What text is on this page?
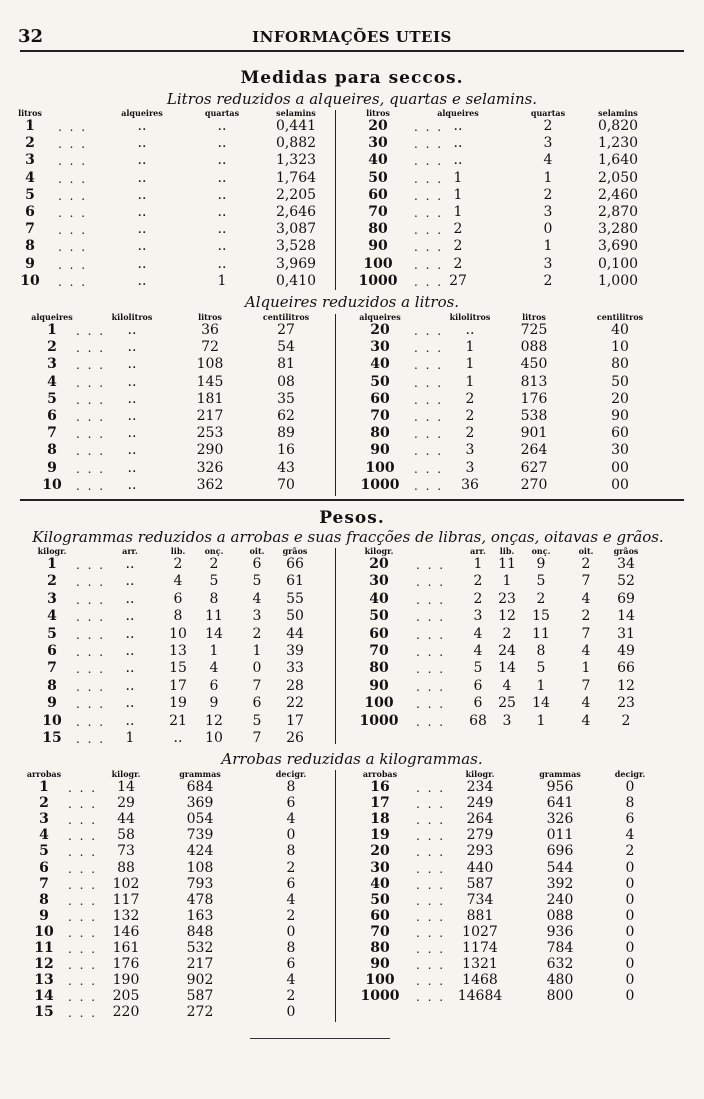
32	INFORMAÇÕES UTEIS
Medidas para seccos.
Litros reduzidos a alqueires, quartas e selamins.
litros	alqueires	quartas	selamins	litros	alqueires	quartas	selamins
1	..	..	0,441
. . .
2	..	..	0,882
. . .
3	..	..	1,323
. . .
4	..	..	1,764
. . .
5	..	..	2,205
. . .
6	..	..	2,646
. . .
7	..	..	3,087
. . .
8	..	..	3,528
. . .
9	..	..	3,969
. . .
10	..	1	0,410
. . .
20	..	2	0,820
. . .
30	..	3	1,230
. . .
40	..	4	1,640
. . .
50	1	1	2,050
. . .
60	1	2	2,460
. . .
70	1	3	2,870
. . .
80	2	0	3,280
. . .
90	2	1	3,690
. . .
100	2	3	0,100
. . .
1000	27	2	1,000
. . .
Alqueires reduzidos a litros.
alqueires	kilolitros	litros	centilitros	alqueires	kilolitros	litros	centilitros
1	..	36	27
. . .
2	..	72	54
. . .
3	..	108	81
. . .
4	..	145	08
. . .
5	..	181	35
. . .
6	..	217	62
. . .
7	..	253	89
. . .
8	..	290	16
. . .
9	..	326	43
. . .
10	..	362	70
. . .
20	..	725	40
. . .
30	1	088	10
. . .
40	1	450	80
. . .
50	1	813	50
. . .
60	2	176	20
. . .
70	2	538	90
. . .
80	2	901	60
. . .
90	3	264	30
. . .
100	3	627	00
. . .
1000	36	270	00
. . .
Pesos.
Kilogrammas reduzidos a arrobas e suas fracções de libras, onças, oitavas e grãos.
kilogr.	arr.	lib.	onç.	oit.	grãos	kilogr.	arr.	lib.	onç.	oit.	grãos
1	..	2	2	6	66
. . .
2	..	4	5	5	61
. . .
3	..	6	8	4	55
. . .
4	..	8	11	3	50
. . .
5	..	10	14	2	44
. . .
6	..	13	1	1	39
. . .
7	..	15	4	0	33
. . .
8	..	17	6	7	28
. . .
9	..	19	9	6	22
. . .
10	..	21	12	5	17
. . .
15	1	..	10	7	26
. . .
20	1	11	9	2	34
. . .
30	2	1	5	7	52
. . .
40	2	23	2	4	69
. . .
50	3	12	15	2	14
. . .
60	4	2	11	7	31
. . .
70	4	24	8	4	49
. . .
80	5	14	5	1	66
. . .
90	6	4	1	7	12
. . .
100	6	25	14	4	23
. . .
1000	68	3	1	4	2
. . .
Arrobas reduzidas a kilogrammas.
arrobas	kilogr.	grammas	decigr.	arrobas	kilogr.	grammas	decigr.
1	14	684	8
. . .
2	29	369	6
. . .
3	44	054	4
. . .
4	58	739	0
. . .
5	73	424	8
. . .
6	88	108	2
. . .
7	102	793	6
. . .
8	117	478	4
. . .
9	132	163	2
. . .
10	146	848	0
. . .
11	161	532	8
. . .
12	176	217	6
. . .
13	190	902	4
. . .
14	205	587	2
. . .
15	220	272	0
. . .
16	234	956	0
. . .
17	249	641	8
. . .
18	264	326	6
. . .
19	279	011	4
. . .
20	293	696	2
. . .
30	440	544	0
. . .
40	587	392	0
. . .
50	734	240	0
. . .
60	881	088	0
. . .
70	1027	936	0
. . .
80	1174	784	0
. . .
90	1321	632	0
. . .
100	1468	480	0
. . .
1000	14684	800	0
. . .
